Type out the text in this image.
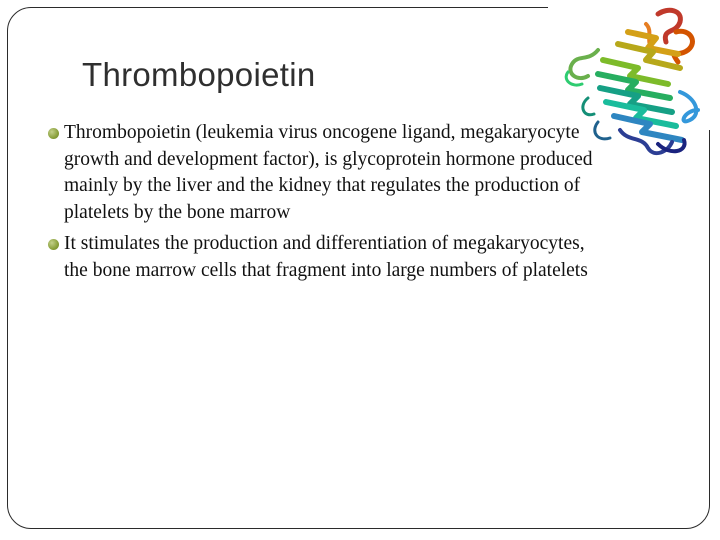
Thrombopoietin
Thrombopoietin (leukemia virus oncogene ligand, megakaryocyte growth and development factor), is glycoprotein hormone produced mainly by the liver and the kidney that regulates the production of platelets by the bone marrow
It stimulates the production and differentiation of megakaryocytes, the bone marrow cells that fragment into large numbers of platelets
